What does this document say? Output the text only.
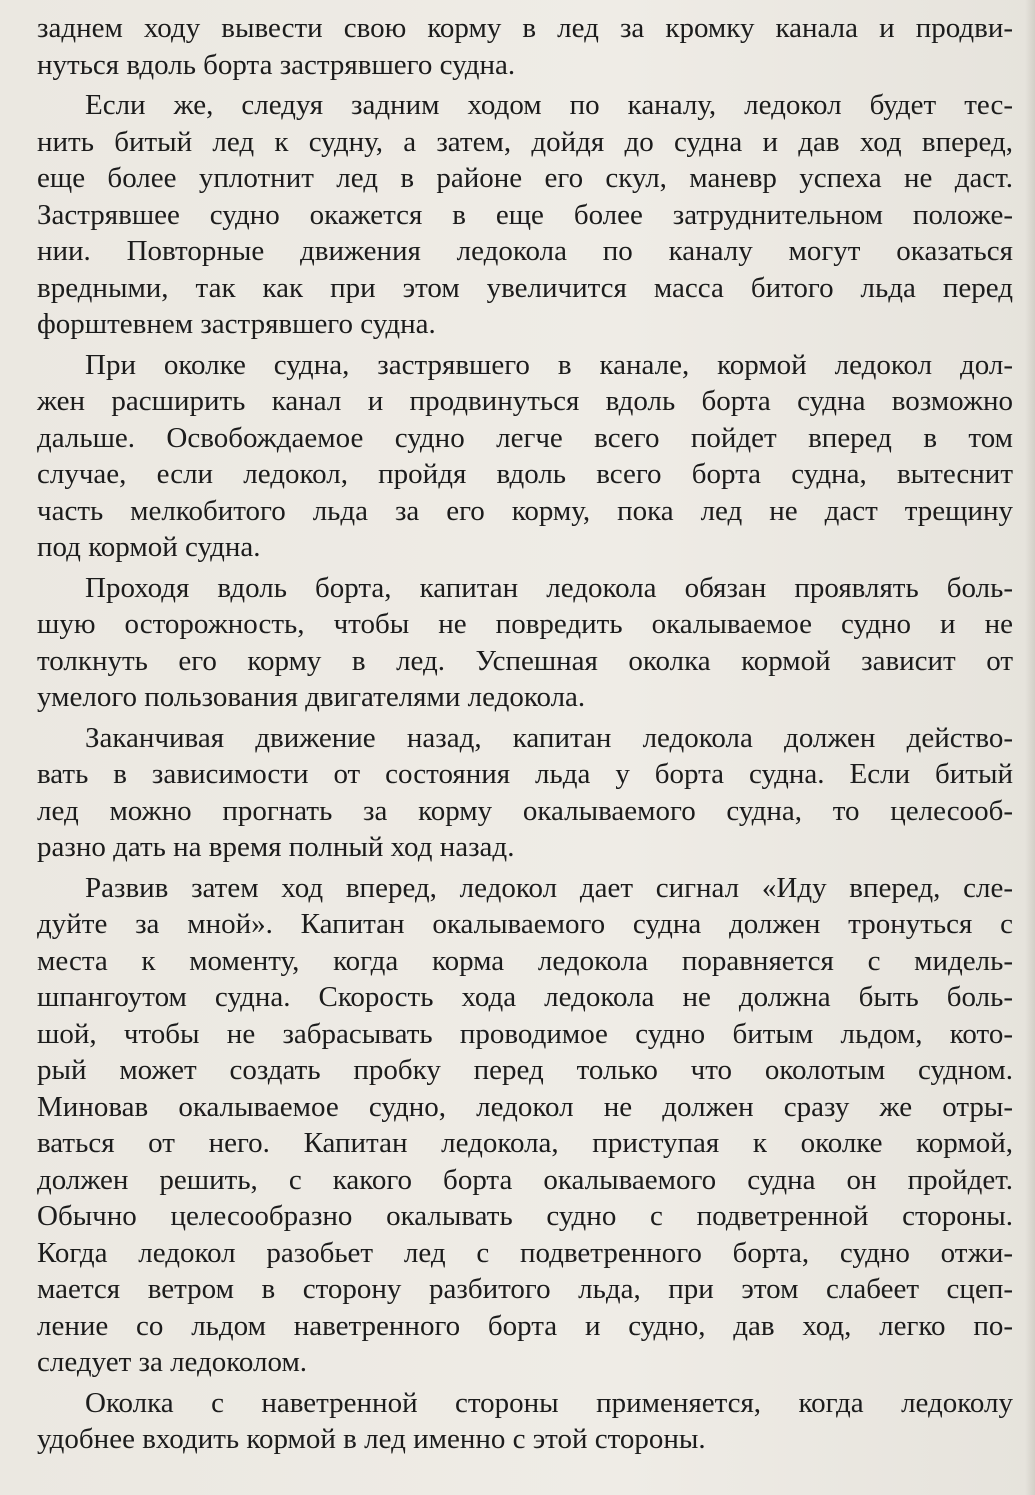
заднем ходу вывести свою корму в лед за кромку канала и продви-
нуться вдоль борта застрявшего судна.
Если же, следуя задним ходом по каналу, ледокол будет тес-
нить битый лед к судну, а затем, дойдя до судна и дав ход вперед,
еще более уплотнит лед в районе его скул, маневр успеха не даст.
Застрявшее судно окажется в еще более затруднительном положе-
нии. Повторные движения ледокола по каналу могут оказаться
вредными, так как при этом увеличится масса битого льда перед
форштевнем застрявшего судна.
При околке судна, застрявшего в канале, кормой ледокол дол-
жен расширить канал и продвинуться вдоль борта судна возможно
дальше. Освобождаемое судно легче всего пойдет вперед в том
случае, если ледокол, пройдя вдоль всего борта судна, вытеснит
часть мелкобитого льда за его корму, пока лед не даст трещину
под кормой судна.
Проходя вдоль борта, капитан ледокола обязан проявлять боль-
шую осторожность, чтобы не повредить окалываемое судно и не
толкнуть его корму в лед. Успешная околка кормой зависит от
умелого пользования двигателями ледокола.
Заканчивая движение назад, капитан ледокола должен действо-
вать в зависимости от состояния льда у борта судна. Если битый
лед можно прогнать за корму окалываемого судна, то целесооб-
разно дать на время полный ход назад.
Развив затем ход вперед, ледокол дает сигнал «Иду вперед, сле-
дуйте за мной». Капитан окалываемого судна должен тронуться с
места к моменту, когда корма ледокола поравняется с мидель-
шпангоутом судна. Скорость хода ледокола не должна быть боль-
шой, чтобы не забрасывать проводимое судно битым льдом, кото-
рый может создать пробку перед только что околотым судном.
Миновав окалываемое судно, ледокол не должен сразу же отры-
ваться от него. Капитан ледокола, приступая к околке кормой,
должен решить, с какого борта окалываемого судна он пройдет.
Обычно целесообразно окалывать судно с подветренной стороны.
Когда ледокол разобьет лед с подветренного борта, судно отжи-
мается ветром в сторону разбитого льда, при этом слабеет сцеп-
ление со льдом наветренного борта и судно, дав ход, легко по-
следует за ледоколом.
Околка с наветренной стороны применяется, когда ледоколу
удобнее входить кормой в лед именно с этой стороны.
